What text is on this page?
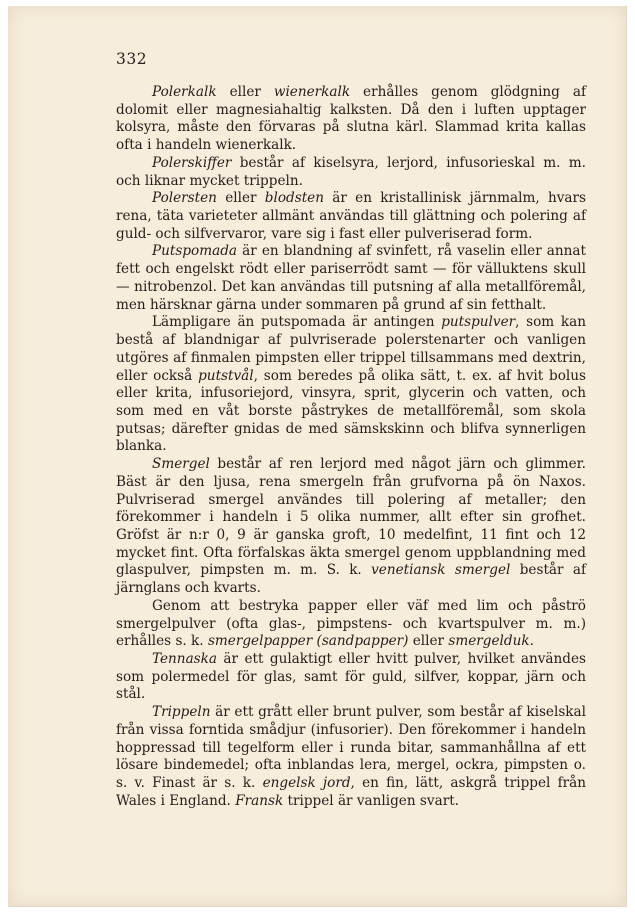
332

Polerkalk eller wienerkalk erhålles genom glödgning af dolomit eller magnesiahaltig kalksten. Då den i luften upptager kolsyra, måste den förvaras på slutna kärl. Slammad krita kallas ofta i handeln wienerkalk.

Polerskiffer består af kiselsyra, lerjord, infusorieskal m. m. och liknar mycket trippeln.

Polersten eller blodsten är en kristallinisk järnmalm, hvars rena, täta varieteter allmänt användas till glättning och polering af guld- och silfvervaror, vare sig i fast eller pulveriserad form.

Putspomada är en blandning af svinfett, rå vaselin eller annat fett och engelskt rödt eller pariserrödt samt — för välluktens skull — nitrobenzol. Det kan användas till putsning af alla metallföremål, men härsknar gärna under sommaren på grund af sin fetthalt.

Lämpligare än putspomada är antingen putspulver, som kan bestå af blandnigar af pulvriserade polerstenarter och vanligen utgöres af finmalen pimpsten eller trippel tillsammans med dextrin, eller också putstvål, som beredes på olika sätt, t. ex. af hvit bolus eller krita, infusoriejord, vinsyra, sprit, glycerin och vatten, och som med en våt borste påstrykes de metallföremål, som skola putsas; därefter gnidas de med sämskskinn och blifva synnerligen blanka.

Smergel består af ren lerjord med något järn och glimmer. Bäst är den ljusa, rena smergeln från grufvorna på ön Naxos. Pulvriserad smergel användes till polering af metaller; den förekommer i handeln i 5 olika nummer, allt efter sin grofhet. Gröfst är n:r 0, 9 är ganska groft, 10 medelfint, 11 fint och 12 mycket fint. Ofta förfalskas äkta smergel genom uppblandning med glaspulver, pimpsten m. m. S. k. venetiansk smergel består af järnglans och kvarts.

Genom att bestryka papper eller väf med lim och påströ smergelpulver (ofta glas-, pimpstens- och kvartspulver m. m.) erhålles s. k. smergelpapper (sandpapper) eller smergelduk.

Tennaska är ett gulaktigt eller hvitt pulver, hvilket användes som polermedel för glas, samt för guld, silfver, koppar, järn och stål.

Trippeln är ett grått eller brunt pulver, som består af kiselskal från vissa forntida smådjur (infusorier). Den förekommer i handeln hoppressad till tegelform eller i runda bitar, sammanhållna af ett lösare bindemedel; ofta inblandas lera, mergel, ockra, pimpsten o. s. v. Finast är s. k. engelsk jord, en fin, lätt, askgrå trippel från Wales i England. Fransk trippel är vanligen svart.
